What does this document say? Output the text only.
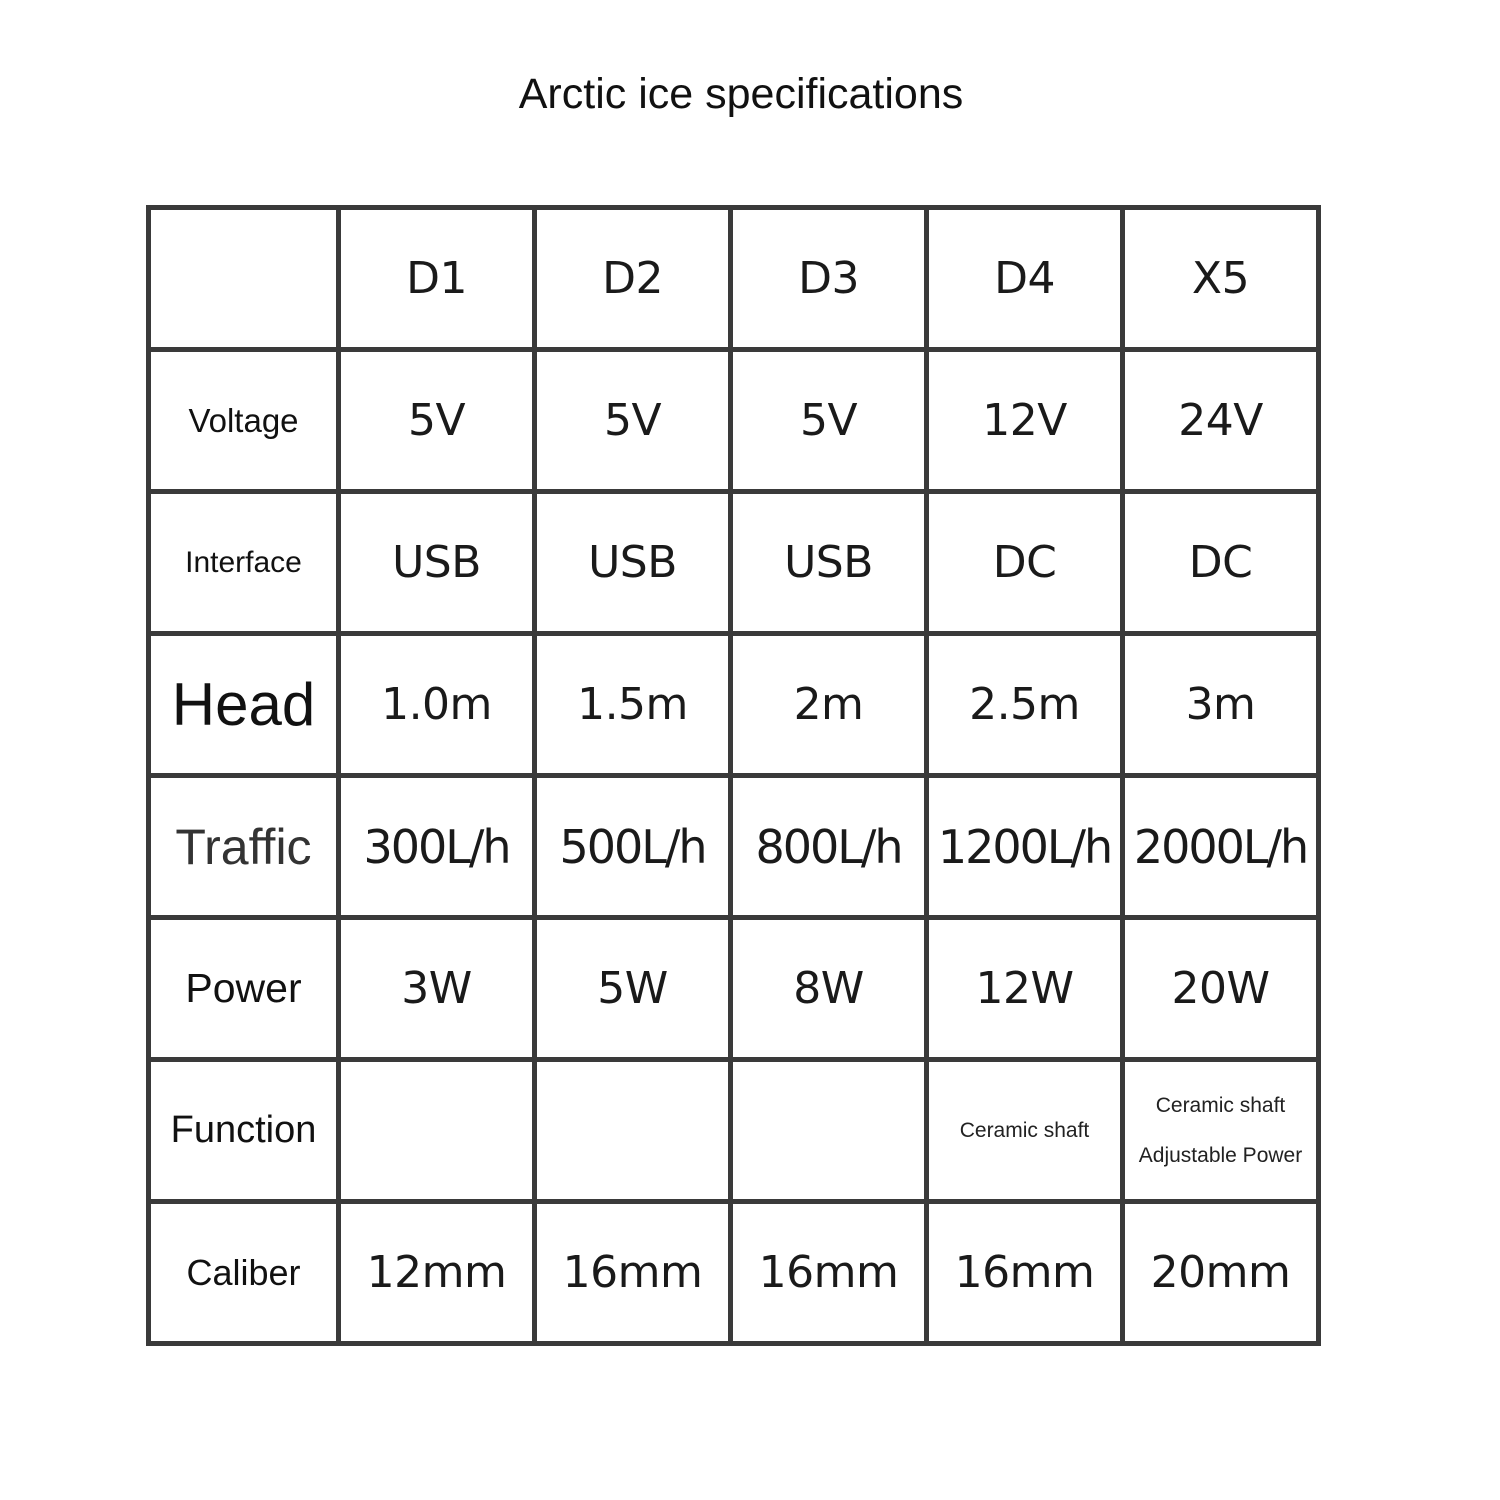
Arctic ice specifications
	D1	D2	D3	D4	X5
Voltage	5V	5V	5V	12V	24V
Interface	USB	USB	USB	DC	DC
Head	1.0m	1.5m	2m	2.5m	3m
Traffic	300L/h	500L/h	800L/h	1200L/h	2000L/h
Power	3W	5W	8W	12W	20W
Function				Ceramic shaft	Ceramic shaft
Adjustable Power

Caliber	12mm	16mm	16mm	16mm	20mm
